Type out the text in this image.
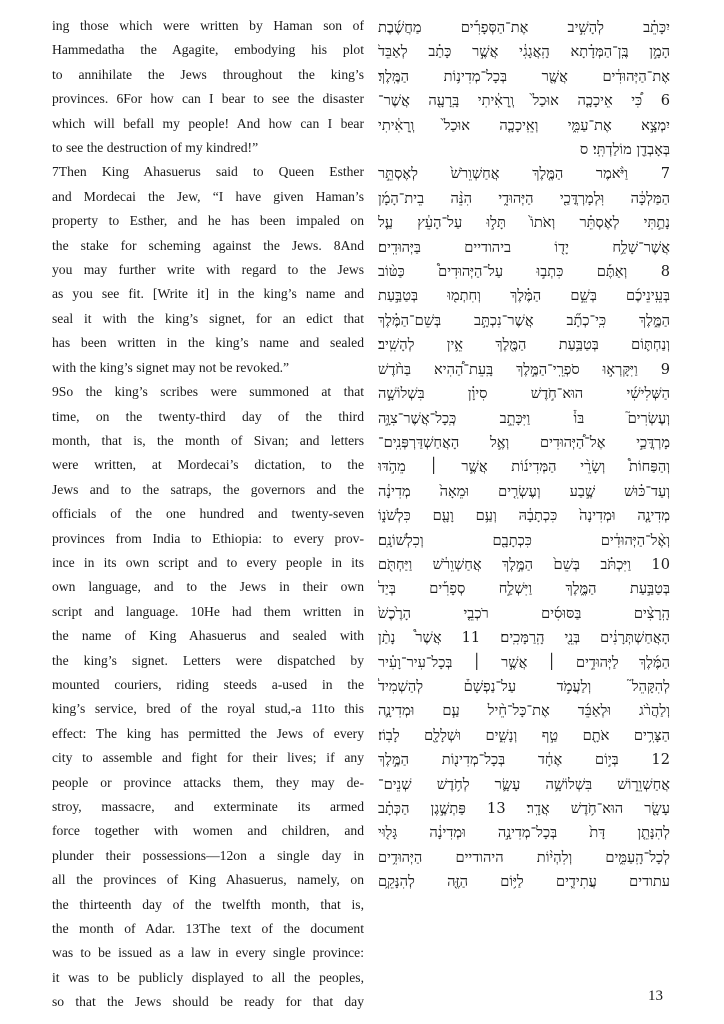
ing those which were written by Haman son of
Hammedatha the Agagite, embodying his plot
to annihilate the Jews throughout the king’s
provinces. 6For how can I bear to see the disaster
which will befall my people! And how can I bear
to see the destruction of my kindred!”
7Then King Ahasuerus said to Queen Esther
and Mordecai the Jew, “I have given Haman’s
property to Esther, and he has been impaled on
the stake for scheming against the Jews. 8And
you may further write with regard to the Jews
as you see fit. [Write it] in the king’s name and
seal it with the king’s signet, for an edict that
has been written in the king’s name and sealed
with the king’s signet may not be revoked.”
9So the king’s scribes were summoned at that
time, on the twenty-third day of the third
month, that is, the month of Sivan; and letters
were written, at Mordecai’s dictation, to the
Jews and to the satraps, the governors and the
officials of the one hundred and twenty-seven
provinces from India to Ethiopia: to every prov-
ince in its own script and to every people in its
own language, and to the Jews in their own
script and language. 10He had them written in
the name of King Ahasuerus and sealed with
the king’s signet. Letters were dispatched by
mounted couriers, riding steeds a-used in the
king’s service, bred of the royal stud,-a 11to this
effect: The king has permitted the Jews of every
city to assemble and fight for their lives; if any
people or province attacks them, they may de-
stroy, massacre, and exterminate its armed
force together with women and children, and
plunder their possessions—12on a single day in
all the provinces of King Ahasuerus, namely, on
the thirteenth day of the twelfth month, that is,
the month of Adar. 13The text of the document
was to be issued as a law in every single province:
it was to be publicly displayed to all the peoples,
so that the Jews should be ready for that day
יִכָּתֵ֗ב לְהָשִׁ֣יב אֶת־הַסְּפָרִ֡ים מַחֲשֶׁ֜בֶת
הָמָ֣ן בֶּֽן־הַמְּדָ֗תָא הָֽאֲגָגִ֔י אֲשֶׁ֣ר כָּתַ֗ב לְאַבֵּד֙
אֶת־הַיְּהוּדִ֔ים אֲשֶׁ֖ר בְּכָל־מְדִינ֥וֹת הַמֶּֽלֶךְ׃
6 כִּ֠י אֵיכָכָ֤ה אוּכַל֙ וְֽרָאִ֔יתִי בָּֽרָעָ֖ה אֲשֶׁר־
יִמְצָ֣א אֶת־עַמִּ֑י וְאֵֽיכָכָ֤ה אוּכַל֙ וְֽרָאִ֔יתִי
בְּאָבְדַ֖ן מוֹלַדְתִּֽי׃ ס
7 וַיֹּ֨אמֶר הַמֶּ֤לֶךְ אֲחַשְׁוֵרֹשׁ֙ לְאֶסְתֵּ֣ר
הַמַּלְכָּ֔ה וּֽלְמָרְדֳּכַ֖י הַיְּהוּדִ֑י הִנֵּ֨ה בֵית־הָמָ֜ן
נָתַ֣תִּי לְאֶסְתֵּ֗ר וְאֹתוֹ֙ תָּל֣וּ עַל־הָעֵ֔ץ עַ֛ל
אֲשֶׁר־שָׁלַ֥ח יָד֖וֹ ביהודיים בַּיְּהוּדִֽים׃
8 וְאַתֶּ֡ם כִּתְב֣וּ עַל־הַיְּהוּדִים֩ כַּטּ֨וֹב
בְּעֵֽינֵיכֶ֜ם בְּשֵׁ֣ם הַמֶּ֗לֶךְ וְחִתְמ֖וּ בְּטַבַּ֣עַת
הַמֶּ֑לֶךְ כִּֽי־כְתָ֞ב אֲשֶׁר־נִכְתָּ֣ב בְּשֵׁם־הַמֶּ֗לֶךְ
וְנַחְתּ֛וֹם בְּטַבַּ֥עַת הַמֶּ֖לֶךְ אֵ֥ין לְהָשִֽׁיב׃
9 וַיִּקָּרְא֣וּ סֹפְרֵֽי־הַמֶּ֣לֶךְ בָּֽעֵת־הַ֠הִיא בַּחֹ֨דֶשׁ
הַשְּׁלִישִׁ֜י הוּא־חֹ֣דֶשׁ סִיוָ֗ן בִּשְׁלוֹשָׁ֣ה
וְעֶשְׂרִים֮ בּוֹ֒ וַיִּכָּתֵ֣ב כְּֽכָל־אֲשֶׁר־צִוָּ֣ה
מָרְדֳּכַ֣י אֶל־הַ֠יְּהוּדִים וְאֶ֣ל הָאֲחַשְׁדַּרְפְּנִֽים־
וְהַפַּחוֹת֩ וְשָׂרֵ֨י הַמְּדִינ֜וֹת אֲשֶׁ֣ר ׀ מֵהֹ֣דּוּ
וְעַד־כּ֗וּשׁ שֶׁ֣בַע וְעֶשְׂרִ֤ים וּמֵאָה֙ מְדִינָ֔ה
מְדִינָ֤ה וּמְדִינָה֙ כִּכְתָבָ֔הּ וְעַ֥ם וָעָ֖ם כִּלְשֹׁנ֑וֹ
וְאֶ֨ל־הַיְּהוּדִ֔ים כִּכְתָבָ֖ם וְכִלְשׁוֹנָֽם׃
10 וַיִּכְתֹּ֗ב בְּשֵׁם֙ הַמֶּ֣לֶךְ אֲחַשְׁוֵרֹ֔שׁ וַיַּחְתֹּ֖ם
בְּטַבַּ֣עַת הַמֶּ֑לֶךְ וַיִּשְׁלַ֣ח סְפָרִ֡ים בְּיַד֩
הָֽרָצִ֨ים בַּסּוּסִ֜ים רֹכְבֵ֤י הָרֶ֙כֶשׁ֙
הָאֲחַשְׁתְּרָנִ֔ים בְּנֵ֖י הָֽרַמָּכִֽים׃ 11 אֲשֶׁר֩ נָתַ֨ן
הַמֶּ֜לֶךְ לַיְּהוּדִ֣ים ׀ אֲשֶׁ֣ר ׀ בְּכָל־עִיר־וָעִ֗יר
לְהִקָּהֵל֮ וְלַעֲמֹ֣ד עַל־נַפְשָׁם֒ לְהַשְׁמִיד֩
וְלַהֲרֹ֨ג וּלְאַבֵּ֜ד אֶת־כָּל־חֵ֨יל עַ֧ם וּמְדִינָ֛ה
הַצָּרִ֥ים אֹתָ֖ם טַ֣ף וְנָשִׁ֑ים וּשְׁלָלָ֖ם לָבֽוֹז׃
12 בְּי֣וֹם אֶחָ֔ד בְּכָל־מְדִינ֖וֹת הַמֶּ֣לֶךְ
אֲחַשְׁוֵר֑וֹשׁ בִּשְׁלוֹשָׁ֥ה עָשָׂ֛ר לְחֹ֥דֶשׁ שְׁנֵים־
עָשָׂ֖ר הוּא־חֹ֥דֶשׁ אֲדָֽר׃ 13 פַּתְשֶׁ֣גֶן הַכְּתָ֗ב
לְהִנָּתֵ֤ן דָּת֙ בְּכָל־מְדִינָ֣ה וּמְדִינָ֔ה גָּל֖וּי
לְכָל־הָֽעַמִּ֑ים וְלִהְי֨וֹת היהודיים הַיְּהוּדִ֥ים
עתודים עֲתִידִ֛ים לַיּ֥וֹם הַזֶּ֖ה לְהִנָּקֵ֥ם
13
